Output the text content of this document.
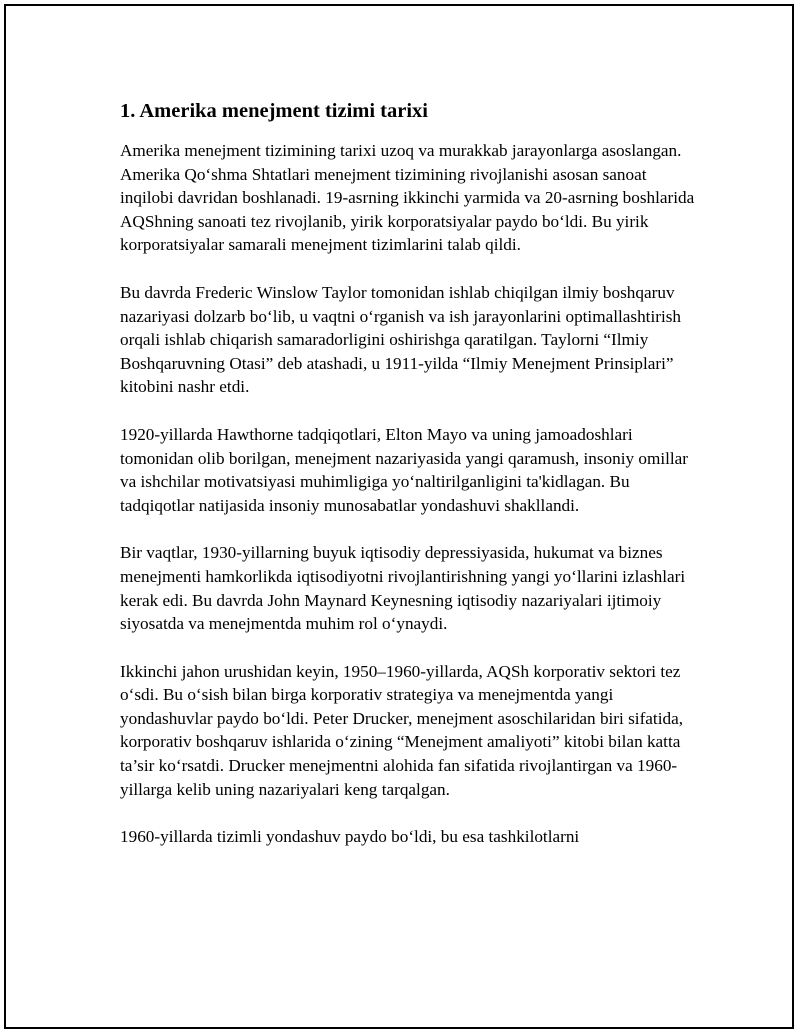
1. Amerika menejment tizimi tarixi

Amerika menejment tizimining tarixi uzoq va murakkab jarayonlarga asoslangan. Amerika Qo‘shma Shtatlari menejment tizimining rivojlanishi asosan sanoat inqilobi davridan boshlanadi. 19-asrning ikkinchi yarmida va 20-asrning boshlarida AQShning sanoati tez rivojlanib, yirik korporatsiyalar paydo bo‘ldi. Bu yirik korporatsiyalar samarali menejment tizimlarini talab qildi.

Bu davrda Frederic Winslow Taylor tomonidan ishlab chiqilgan ilmiy boshqaruv nazariyasi dolzarb bo‘lib, u vaqtni o‘rganish va ish jarayonlarini optimallashtirish orqali ishlab chiqarish samaradorligini oshirishga qaratilgan. Taylorni “Ilmiy Boshqaruvning Otasi” deb atashadi, u 1911-yilda “Ilmiy Menejment Prinsiplari” kitobini nashr etdi.

1920-yillarda Hawthorne tadqiqotlari, Elton Mayo va uning jamoadoshlari tomonidan olib borilgan, menejment nazariyasida yangi qaramush, insoniy omillar va ishchilar motivatsiyasi muhimligiga yo‘naltirilganligini ta'kidlagan. Bu tadqiqotlar natijasida insoniy munosabatlar yondashuvi shakllandi.

Bir vaqtlar, 1930-yillarning buyuk iqtisodiy depressiyasida, hukumat va biznes menejmenti hamkorlikda iqtisodiyotni rivojlantirishning yangi yo‘llarini izlashlari kerak edi. Bu davrda John Maynard Keynesning iqtisodiy nazariyalari ijtimoiy siyosatda va menejmentda muhim rol o‘ynaydi.

Ikkinchi jahon urushidan keyin, 1950–1960-yillarda, AQSh korporativ sektori tez o‘sdi. Bu o‘sish bilan birga korporativ strategiya va menejmentda yangi yondashuvlar paydo bo‘ldi. Peter Drucker, menejment asoschilaridan biri sifatida, korporativ boshqaruv ishlarida o‘zining “Menejment amaliyoti” kitobi bilan katta ta’sir ko‘rsatdi. Drucker menejmentni alohida fan sifatida rivojlantirgan va 1960-yillarga kelib uning nazariyalari keng tarqalgan.

1960-yillarda tizimli yondashuv paydo bo‘ldi, bu esa tashkilotlarni
